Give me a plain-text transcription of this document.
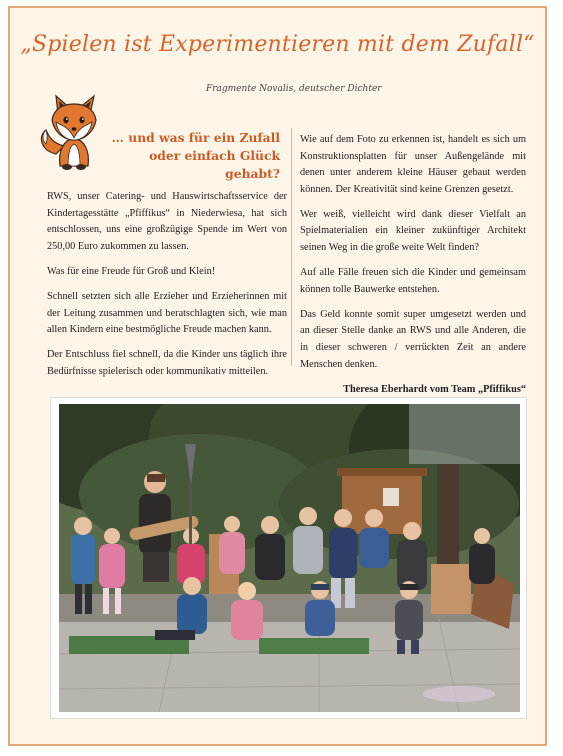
„Spielen ist Experimentieren mit dem Zufall“
Fragmente Novalis, deutscher Dichter
… und was für ein Zufall
oder einfach Glück gehabt?

RWS, unser Catering- und Hauswirtschaftsservice der Kindertagesstätte „Pfiffikus“ in Niederwiesa, hat sich entschlossen, uns eine großzügige Spende im Wert von 250,00 Euro zukommen zu lassen.

Was für eine Freude für Groß und Klein!

Schnell setzten sich alle Erzieher und Erzieherinnen mit der Leitung zusammen und beratschlagten sich, wie man allen Kindern eine bestmögliche Freude machen kann.

Der Entschluss fiel schnell, da die Kinder uns täglich ihre Bedürfnisse spielerisch oder kommunikativ mitteilen.

Wie auf dem Foto zu erkennen ist, handelt es sich um Konstruktionsplatten für unser Außengelände mit denen unter anderem kleine Häuser gebaut werden können. Der Kreativität sind keine Grenzen gesetzt.

Wer weiß, vielleicht wird dank dieser Vielfalt an Spielmaterialien ein kleiner zukünftiger Architekt seinen Weg in die große weite Welt finden?

Auf alle Fälle freuen sich die Kinder und gemeinsam können tolle Bauwerke entstehen.

Das Geld konnte somit super umgesetzt werden und an dieser Stelle danke an RWS und alle Anderen, die in dieser schweren / verrückten Zeit an andere Menschen denken.

Theresa Eberhardt vom Team „Pfiffikus“
